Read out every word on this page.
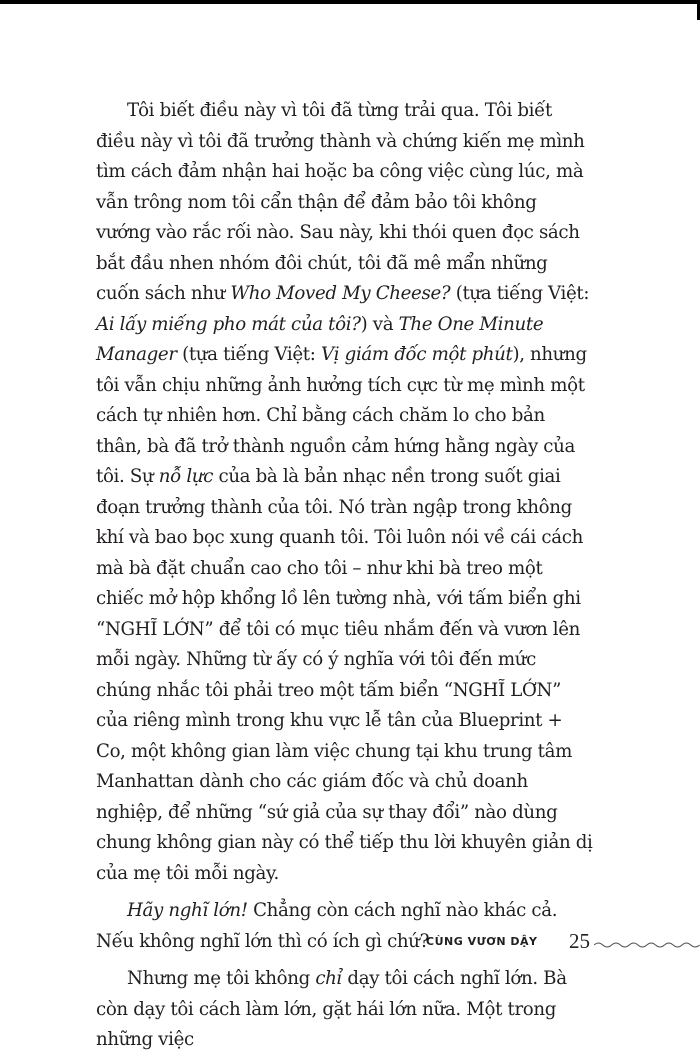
Tôi biết điều này vì tôi đã từng trải qua. Tôi biết điều này vì tôi đã trưởng thành và chứng kiến mẹ mình tìm cách đảm nhận hai hoặc ba công việc cùng lúc, mà vẫn trông nom tôi cẩn thận để đảm bảo tôi không vướng vào rắc rối nào. Sau này, khi thói quen đọc sách bắt đầu nhen nhóm đôi chút, tôi đã mê mẩn những cuốn sách như Who Moved My Cheese? (tựa tiếng Việt: Ai lấy miếng pho mát của tôi?) và The One Minute Manager (tựa tiếng Việt: Vị giám đốc một phút), nhưng tôi vẫn chịu những ảnh hưởng tích cực từ mẹ mình một cách tự nhiên hơn. Chỉ bằng cách chăm lo cho bản thân, bà đã trở thành nguồn cảm hứng hằng ngày của tôi. Sự nỗ lực của bà là bản nhạc nền trong suốt giai đoạn trưởng thành của tôi. Nó tràn ngập trong không khí và bao bọc xung quanh tôi. Tôi luôn nói về cái cách mà bà đặt chuẩn cao cho tôi – như khi bà treo một chiếc mở hộp khổng lồ lên tường nhà, với tấm biển ghi “NGHĨ LỚN” để tôi có mục tiêu nhắm đến và vươn lên mỗi ngày. Những từ ấy có ý nghĩa với tôi đến mức chúng nhắc tôi phải treo một tấm biển “NGHĨ LỚN” của riêng mình trong khu vực lễ tân của Blueprint + Co, một không gian làm việc chung tại khu trung tâm Manhattan dành cho các giám đốc và chủ doanh nghiệp, để những “sứ giả của sự thay đổi” nào dùng chung không gian này có thể tiếp thu lời khuyên giản dị của mẹ tôi mỗi ngày.

Hãy nghĩ lớn! Chẳng còn cách nghĩ nào khác cả. Nếu không nghĩ lớn thì có ích gì chứ?

Nhưng mẹ tôi không chỉ dạy tôi cách nghĩ lớn. Bà còn dạy tôi cách làm lớn, gặt hái lớn nữa. Một trong những việc

CÙNG VƯƠN DẬY 25
